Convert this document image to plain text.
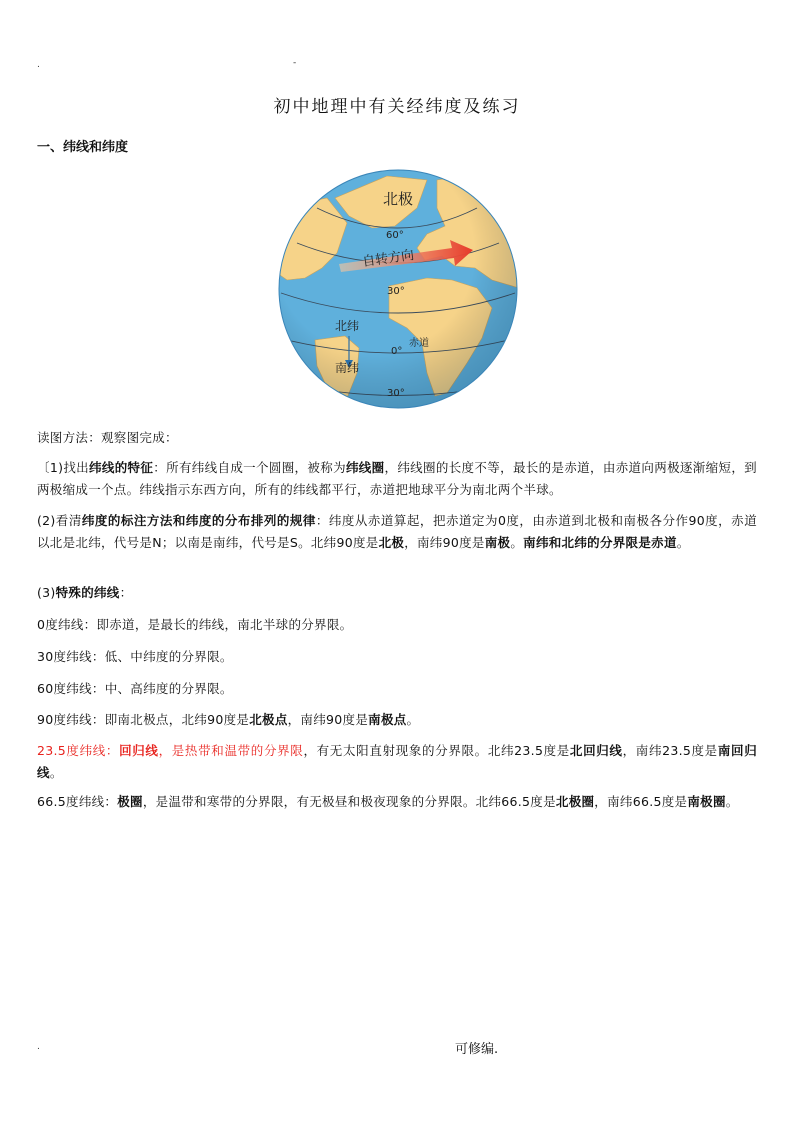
.	-
初中地理中有关经纬度及练习
一、纬线和纬度
北极
60°
自转方向
30°
北纬
0°
赤道
南纬
30°
读图方法：观察图完成：
〔1)找出纬线的特征：所有纬线自成一个圆圈，被称为纬线圈，纬线圈的长度不等，最长的是赤道，由赤道向两极逐渐缩短，到两极缩成一个点。纬线指示东西方向，所有的纬线都平行，赤道把地球平分为南北两个半球。
(2)看清纬度的标注方法和纬度的分布排列的规律：纬度从赤道算起，把赤道定为0度，由赤道到北极和南极各分作90度，赤道以北是北纬，代号是N；以南是南纬，代号是S。北纬90度是北极，南纬90度是南极。南纬和北纬的分界限是赤道。
(3)特殊的纬线：
0度纬线：即赤道，是最长的纬线，南北半球的分界限。
30度纬线：低、中纬度的分界限。
60度纬线：中、高纬度的分界限。
90度纬线：即南北极点，北纬90度是北极点，南纬90度是南极点。
23.5度纬线：回归线，是热带和温带的分界限，有无太阳直射现象的分界限。北纬23.5度是北回归线，南纬23.5度是南回归线。
66.5度纬线：极圈，是温带和寒带的分界限，有无极昼和极夜现象的分界限。北纬66.5度是北极圈，南纬66.5度是南极圈。
.	可修编.
